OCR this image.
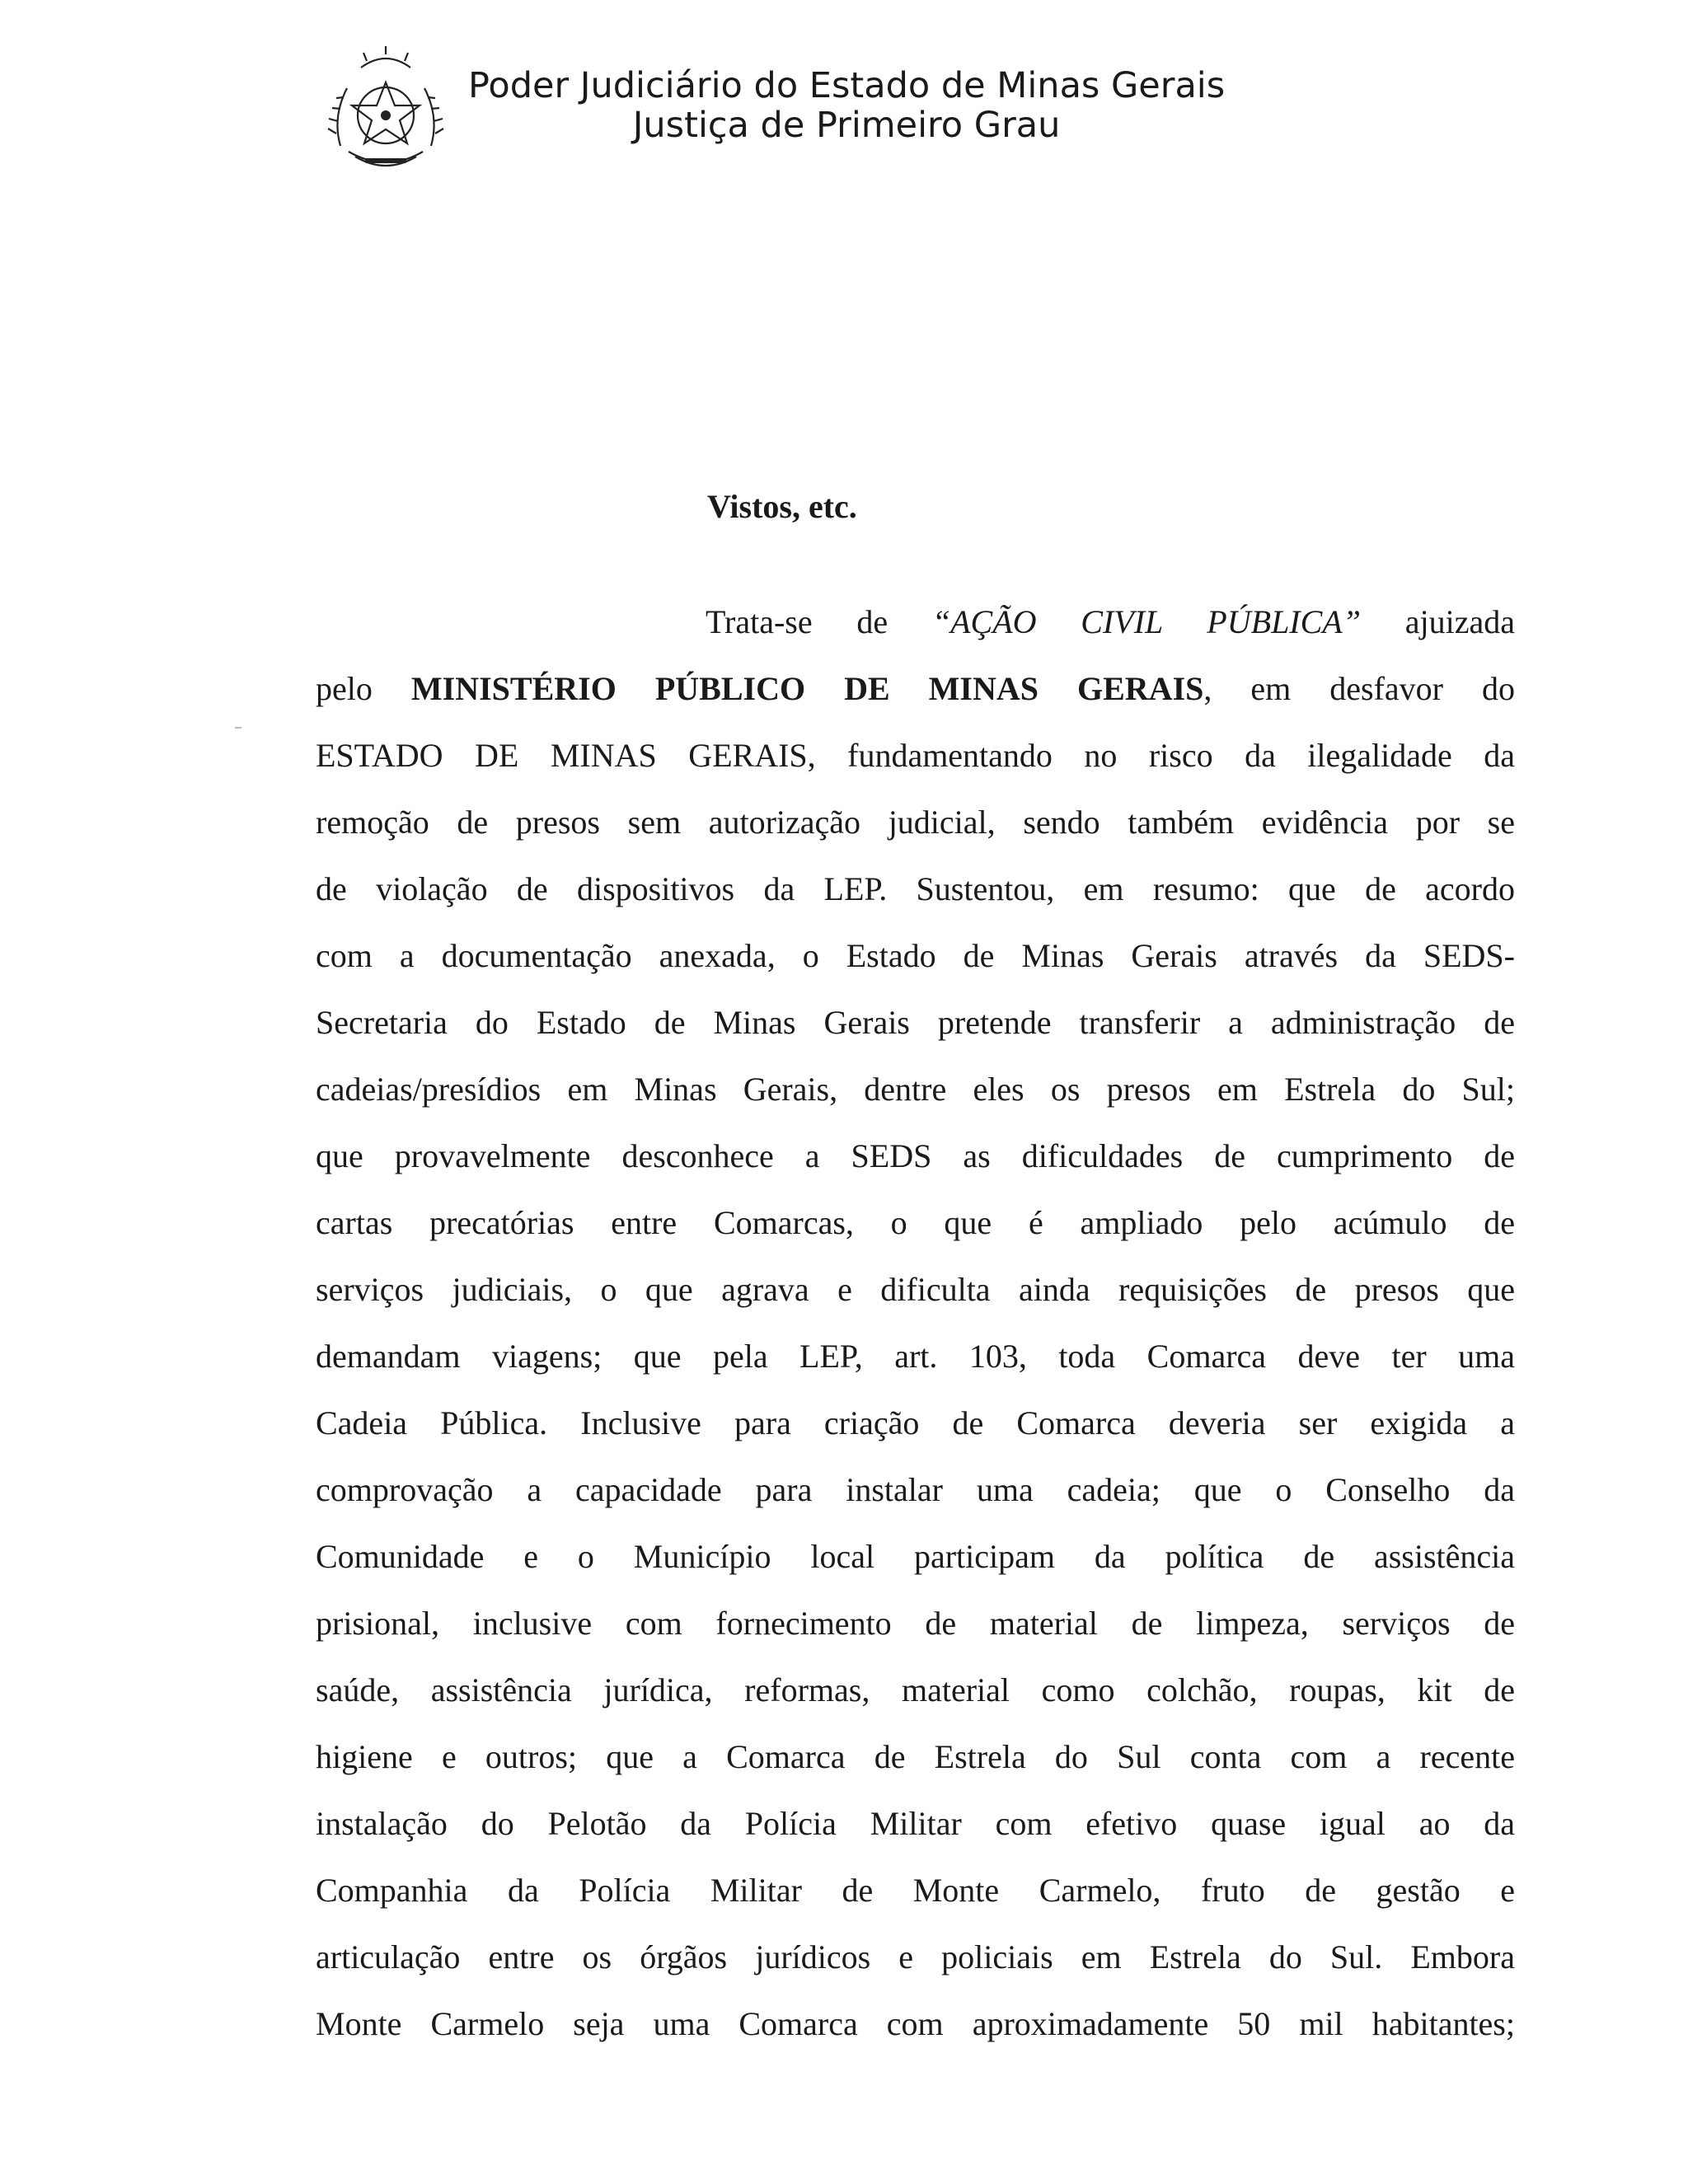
Poder Judiciário do Estado de Minas Gerais
Justiça de Primeiro Grau
Vistos, etc.
Trata-se de “AÇÃO CIVIL PÚBLICA” ajuizada
pelo MINISTÉRIO PÚBLICO DE MINAS GERAIS, em desfavor do
ESTADO DE MINAS GERAIS, fundamentando no risco da ilegalidade da
remoção de presos sem autorização judicial, sendo também evidência por se
de violação de dispositivos da LEP. Sustentou, em resumo: que de acordo
com a documentação anexada, o Estado de Minas Gerais através da SEDS-
Secretaria do Estado de Minas Gerais pretende transferir a administração de
cadeias/presídios em Minas Gerais, dentre eles os presos em Estrela do Sul;
que provavelmente desconhece a SEDS as dificuldades de cumprimento de
cartas precatórias entre Comarcas, o que é ampliado pelo acúmulo de
serviços judiciais, o que agrava e dificulta ainda requisições de presos que
demandam viagens; que pela LEP, art. 103, toda Comarca deve ter uma
Cadeia Pública. Inclusive para criação de Comarca deveria ser exigida a
comprovação a capacidade para instalar uma cadeia; que o Conselho da
Comunidade e o Município local participam da política de assistência
prisional, inclusive com fornecimento de material de limpeza, serviços de
saúde, assistência jurídica, reformas, material como colchão, roupas, kit de
higiene e outros; que a Comarca de Estrela do Sul conta com a recente
instalação do Pelotão da Polícia Militar com efetivo quase igual ao da
Companhia da Polícia Militar de Monte Carmelo, fruto de gestão e
articulação entre os órgãos jurídicos e policiais em Estrela do Sul. Embora
Monte Carmelo seja uma Comarca com aproximadamente 50 mil habitantes;
